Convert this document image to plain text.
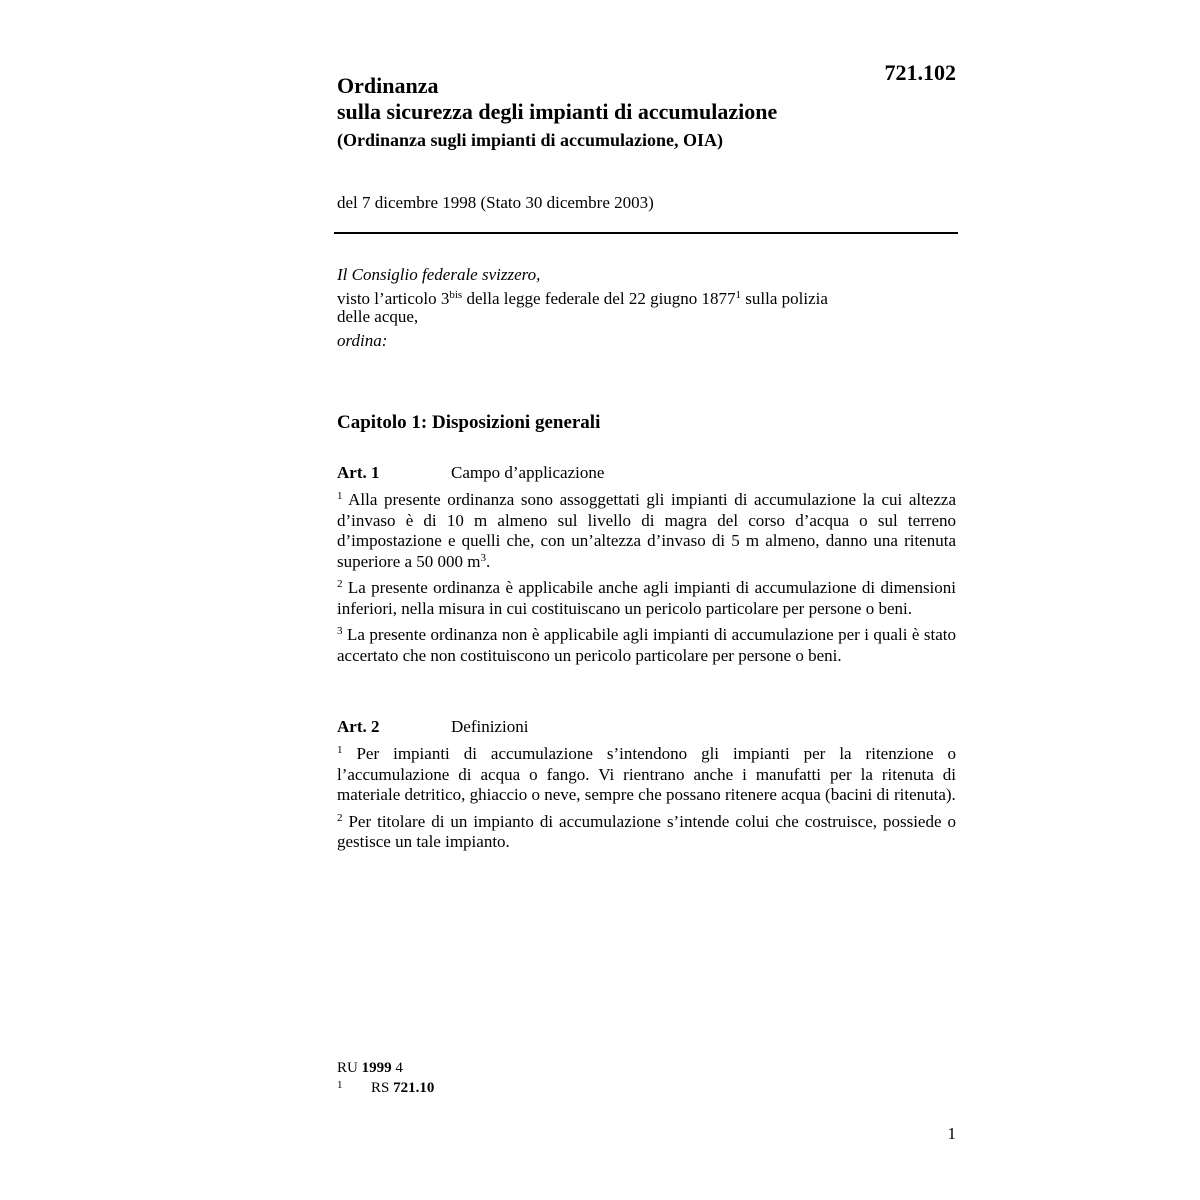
721.102
Ordinanza
sulla sicurezza degli impianti di accumulazione
(Ordinanza sugli impianti di accumulazione, OIA)
del 7 dicembre 1998 (Stato 30 dicembre 2003)
Il Consiglio federale svizzero,
visto l’articolo $3^{bis}$ della legge federale del 22 giugno 1877$^1$ sulla polizia
delle acque,
ordina:
Capitolo 1: Disposizioni generali
Art. 1	Campo d’applicazione
$^1$ Alla presente ordinanza sono assoggettati gli impianti di accumulazione la cui altezza d’invaso è di 10 m almeno sul livello di magra del corso d’acqua o sul terreno d’impostazione e quelli che, con un’altezza d’invaso di 5 m almeno, danno una ritenuta superiore a 50 000 $m^3$.
$^2$ La presente ordinanza è applicabile anche agli impianti di accumulazione di dimensioni inferiori, nella misura in cui costituiscano un pericolo particolare per persone o beni.
$^3$ La presente ordinanza non è applicabile agli impianti di accumulazione per i quali è stato accertato che non costituiscono un pericolo particolare per persone o beni.
Art. 2	Definizioni
$^1$ Per impianti di accumulazione s’intendono gli impianti per la ritenzione o l’accumulazione di acqua o fango. Vi rientrano anche i manufatti per la ritenuta di materiale detritico, ghiaccio o neve, sempre che possano ritenere acqua (bacini di ritenuta).
$^2$ Per titolare di un impianto di accumulazione s’intende colui che costruisce, possiede o gestisce un tale impianto.
RU 1999 4
1 RS 721.10
1
